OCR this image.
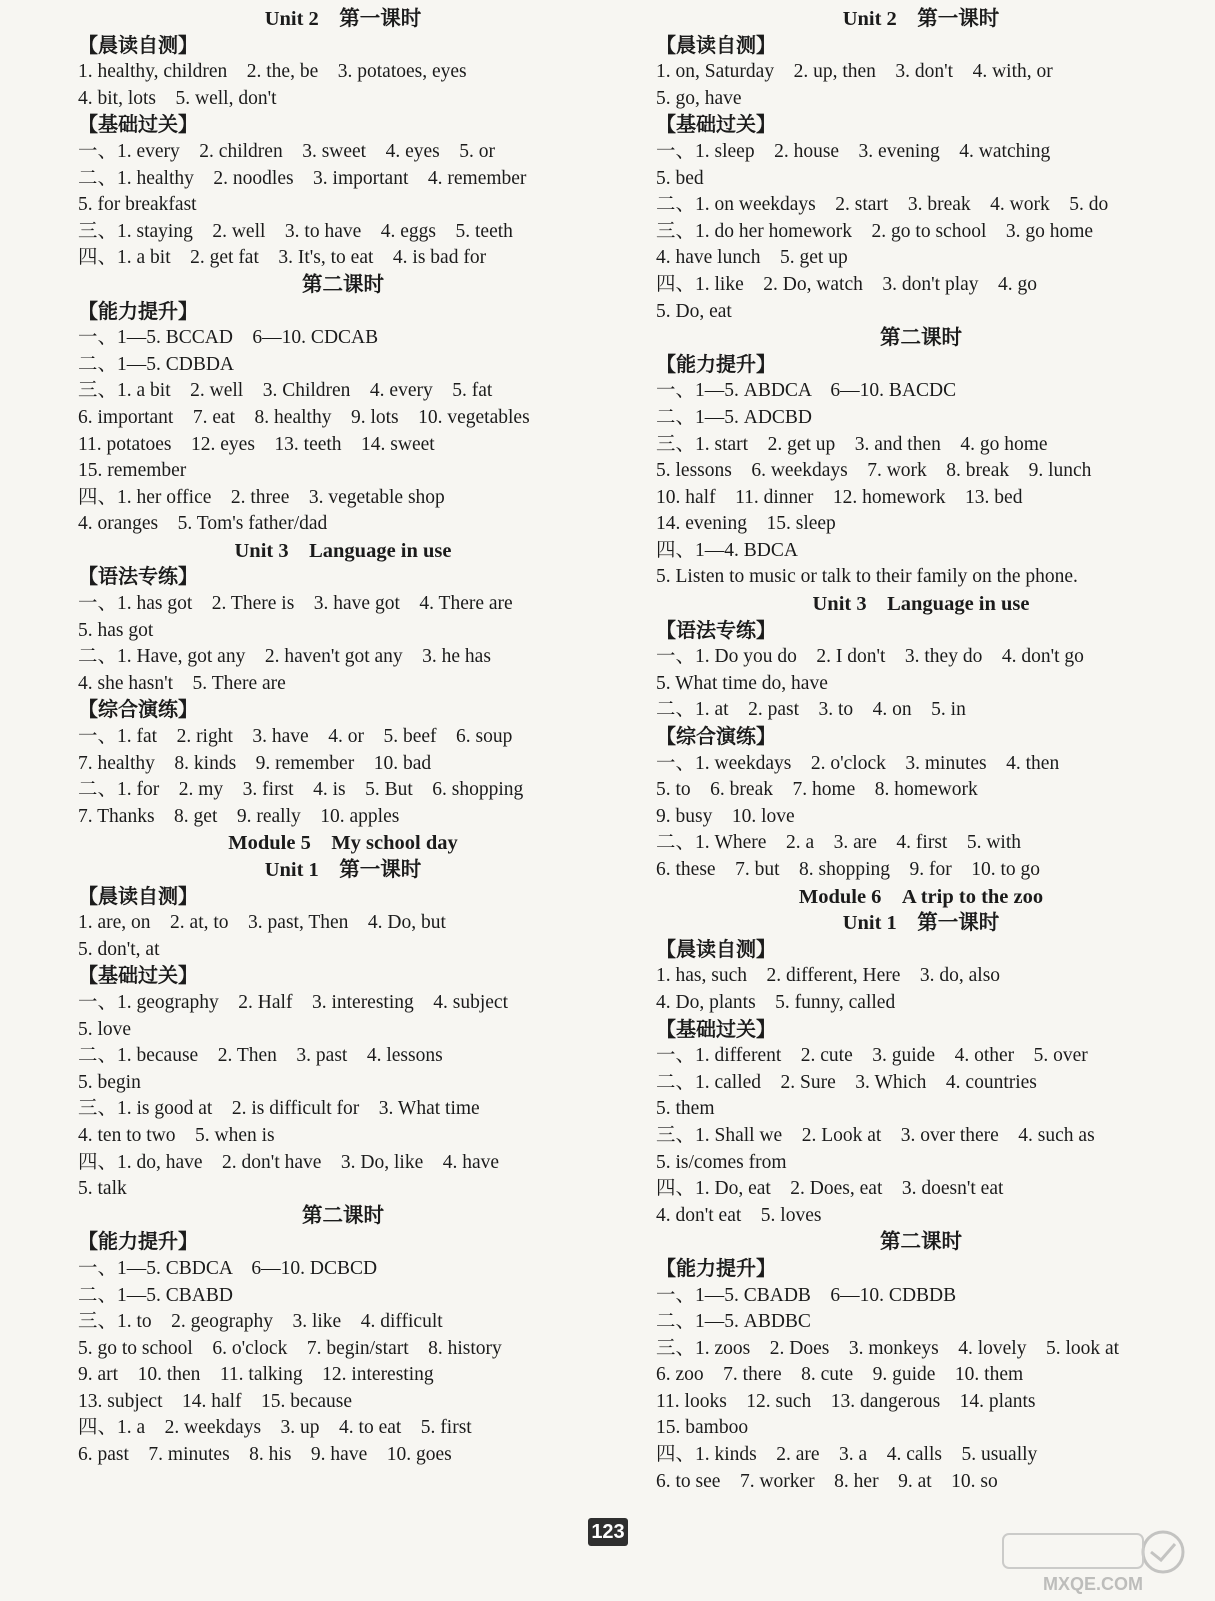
Unit 2　第一课时
【晨读自测】
1. healthy, children　2. the, be　3. potatoes, eyes
4. bit, lots　5. well, don't
【基础过关】
一、1. every　2. children　3. sweet　4. eyes　5. or
二、1. healthy　2. noodles　3. important　4. remember
5. for breakfast
三、1. staying　2. well　3. to have　4. eggs　5. teeth
四、1. a bit　2. get fat　3. It's, to eat　4. is bad for
第二课时
【能力提升】
一、1—5. BCCAD　6—10. CDCAB
二、1—5. CDBDA
三、1. a bit　2. well　3. Children　4. every　5. fat
6. important　7. eat　8. healthy　9. lots　10. vegetables
11. potatoes　12. eyes　13. teeth　14. sweet
15. remember
四、1. her office　2. three　3. vegetable shop
4. oranges　5. Tom's father/dad
Unit 3　Language in use
【语法专练】
一、1. has got　2. There is　3. have got　4. There are
5. has got
二、1. Have, got any　2. haven't got any　3. he has
4. she hasn't　5. There are
【综合演练】
一、1. fat　2. right　3. have　4. or　5. beef　6. soup
7. healthy　8. kinds　9. remember　10. bad
二、1. for　2. my　3. first　4. is　5. But　6. shopping
7. Thanks　8. get　9. really　10. apples
Module 5　My school day
Unit 1　第一课时
【晨读自测】
1. are, on　2. at, to　3. past, Then　4. Do, but
5. don't, at
【基础过关】
一、1. geography　2. Half　3. interesting　4. subject
5. love
二、1. because　2. Then　3. past　4. lessons
5. begin
三、1. is good at　2. is difficult for　3. What time
4. ten to two　5. when is
四、1. do, have　2. don't have　3. Do, like　4. have
5. talk
第二课时
【能力提升】
一、1—5. CBDCA　6—10. DCBCD
二、1—5. CBABD
三、1. to　2. geography　3. like　4. difficult
5. go to school　6. o'clock　7. begin/start　8. history
9. art　10. then　11. talking　12. interesting
13. subject　14. half　15. because
四、1. a　2. weekdays　3. up　4. to eat　5. first
6. past　7. minutes　8. his　9. have　10. goes
Unit 2　第一课时
【晨读自测】
1. on, Saturday　2. up, then　3. don't　4. with, or
5. go, have
【基础过关】
一、1. sleep　2. house　3. evening　4. watching
5. bed
二、1. on weekdays　2. start　3. break　4. work　5. do
三、1. do her homework　2. go to school　3. go home
4. have lunch　5. get up
四、1. like　2. Do, watch　3. don't play　4. go
5. Do, eat
第二课时
【能力提升】
一、1—5. ABDCA　6—10. BACDC
二、1—5. ADCBD
三、1. start　2. get up　3. and then　4. go home
5. lessons　6. weekdays　7. work　8. break　9. lunch
10. half　11. dinner　12. homework　13. bed
14. evening　15. sleep
四、1—4. BDCA
5. Listen to music or talk to their family on the phone.
Unit 3　Language in use
【语法专练】
一、1. Do you do　2. I don't　3. they do　4. don't go
5. What time do, have
二、1. at　2. past　3. to　4. on　5. in
【综合演练】
一、1. weekdays　2. o'clock　3. minutes　4. then
5. to　6. break　7. home　8. homework
9. busy　10. love
二、1. Where　2. a　3. are　4. first　5. with
6. these　7. but　8. shopping　9. for　10. to go
Module 6　A trip to the zoo
Unit 1　第一课时
【晨读自测】
1. has, such　2. different, Here　3. do, also
4. Do, plants　5. funny, called
【基础过关】
一、1. different　2. cute　3. guide　4. other　5. over
二、1. called　2. Sure　3. Which　4. countries
5. them
三、1. Shall we　2. Look at　3. over there　4. such as
5. is/comes from
四、1. Do, eat　2. Does, eat　3. doesn't eat
4. don't eat　5. loves
第二课时
【能力提升】
一、1—5. CBADB　6—10. CDBDB
二、1—5. ABDBC
三、1. zoos　2. Does　3. monkeys　4. lovely　5. look at
6. zoo　7. there　8. cute　9. guide　10. them
11. looks　12. such　13. dangerous　14. plants
15. bamboo
四、1. kinds　2. are　3. a　4. calls　5. usually
6. to see　7. worker　8. her　9. at　10. so
123
MXQE.COM
